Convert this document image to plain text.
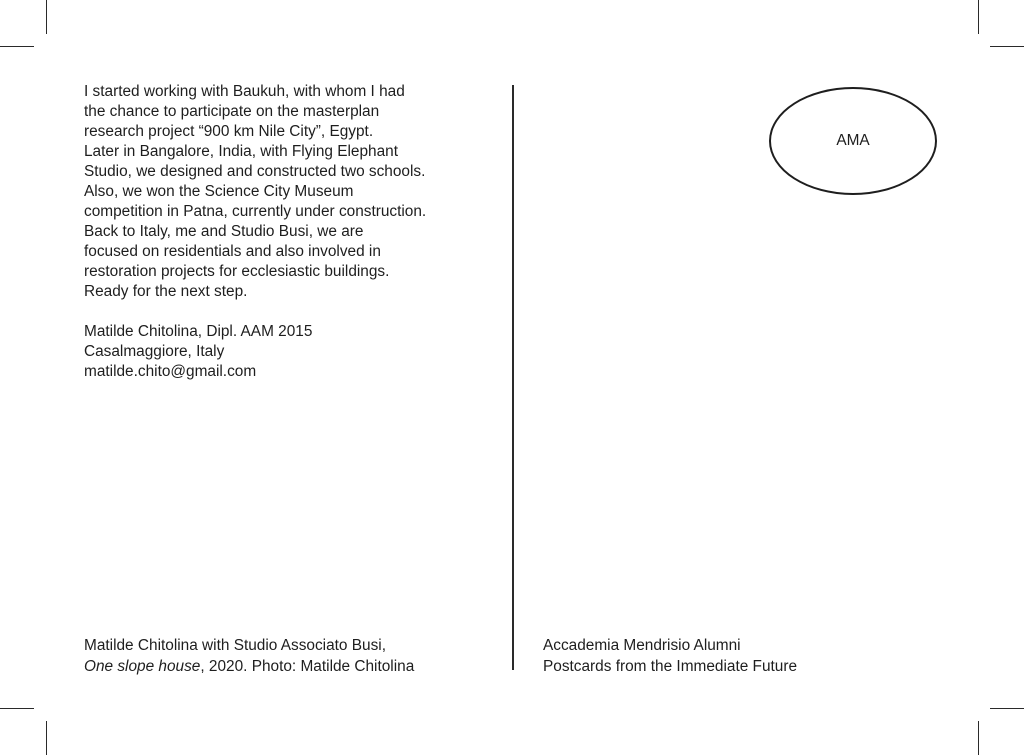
I started working with Baukuh, with whom I had
the chance to participate on the masterplan
research project “900 km Nile City”, Egypt.
Later in Bangalore, India, with Flying Elephant
Studio, we designed and constructed two schools.
Also, we won the Science City Museum
competition in Patna, currently under construction.
Back to Italy, me and Studio Busi, we are
focused on residentials and also involved in
restoration projects for ecclesiastic buildings.
Ready for the next step.
Matilde Chitolina, Dipl. AAM 2015
Casalmaggiore, Italy
matilde.chito@gmail.com
AMA
Matilde Chitolina with Studio Associato Busi,
One slope house, 2020. Photo: Matilde Chitolina
Accademia Mendrisio Alumni
Postcards from the Immediate Future
